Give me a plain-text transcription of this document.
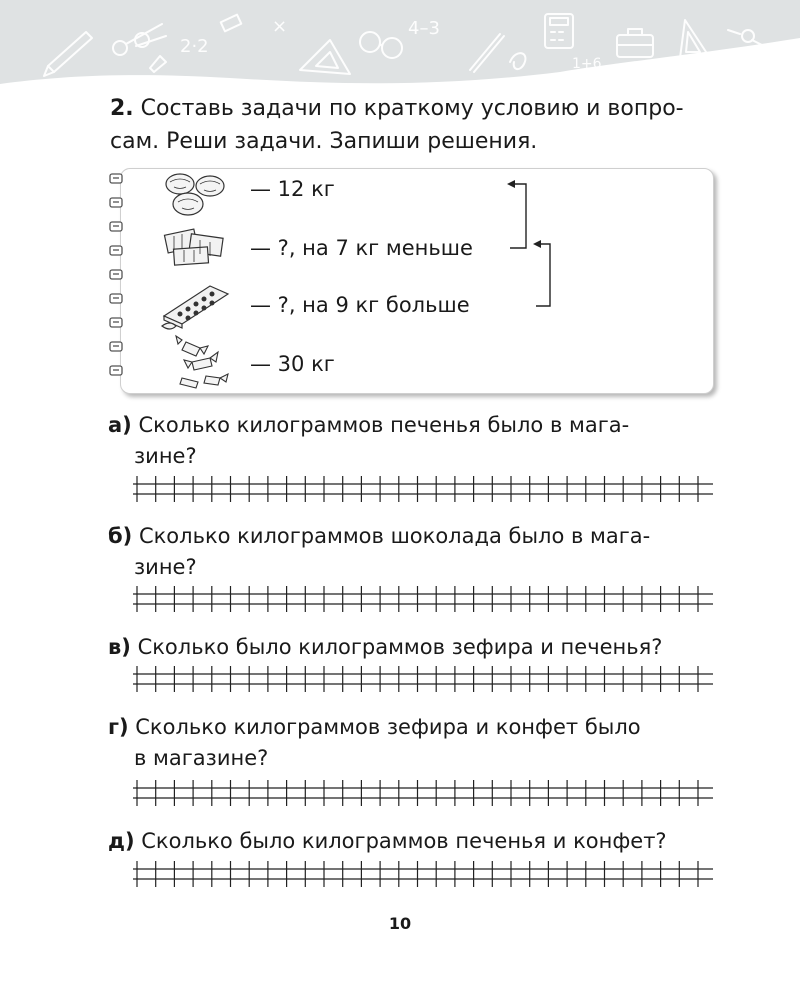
2·2
×	4–3
1+6

2. Составь задачи по краткому условию и вопро-
сам. Реши задачи. Запиши решения.

— 12 кг
— ?, на 7 кг меньше
— ?, на 9 кг больше
— 30 кг

а) Сколько килограммов печенья было в мага-
зине?

б) Сколько килограммов шоколада было в мага-
зине?

в) Сколько было килограммов зефира и печенья?

г) Сколько килограммов зефира и конфет было
в магазине?

д) Сколько было килограммов печенья и конфет?

10
